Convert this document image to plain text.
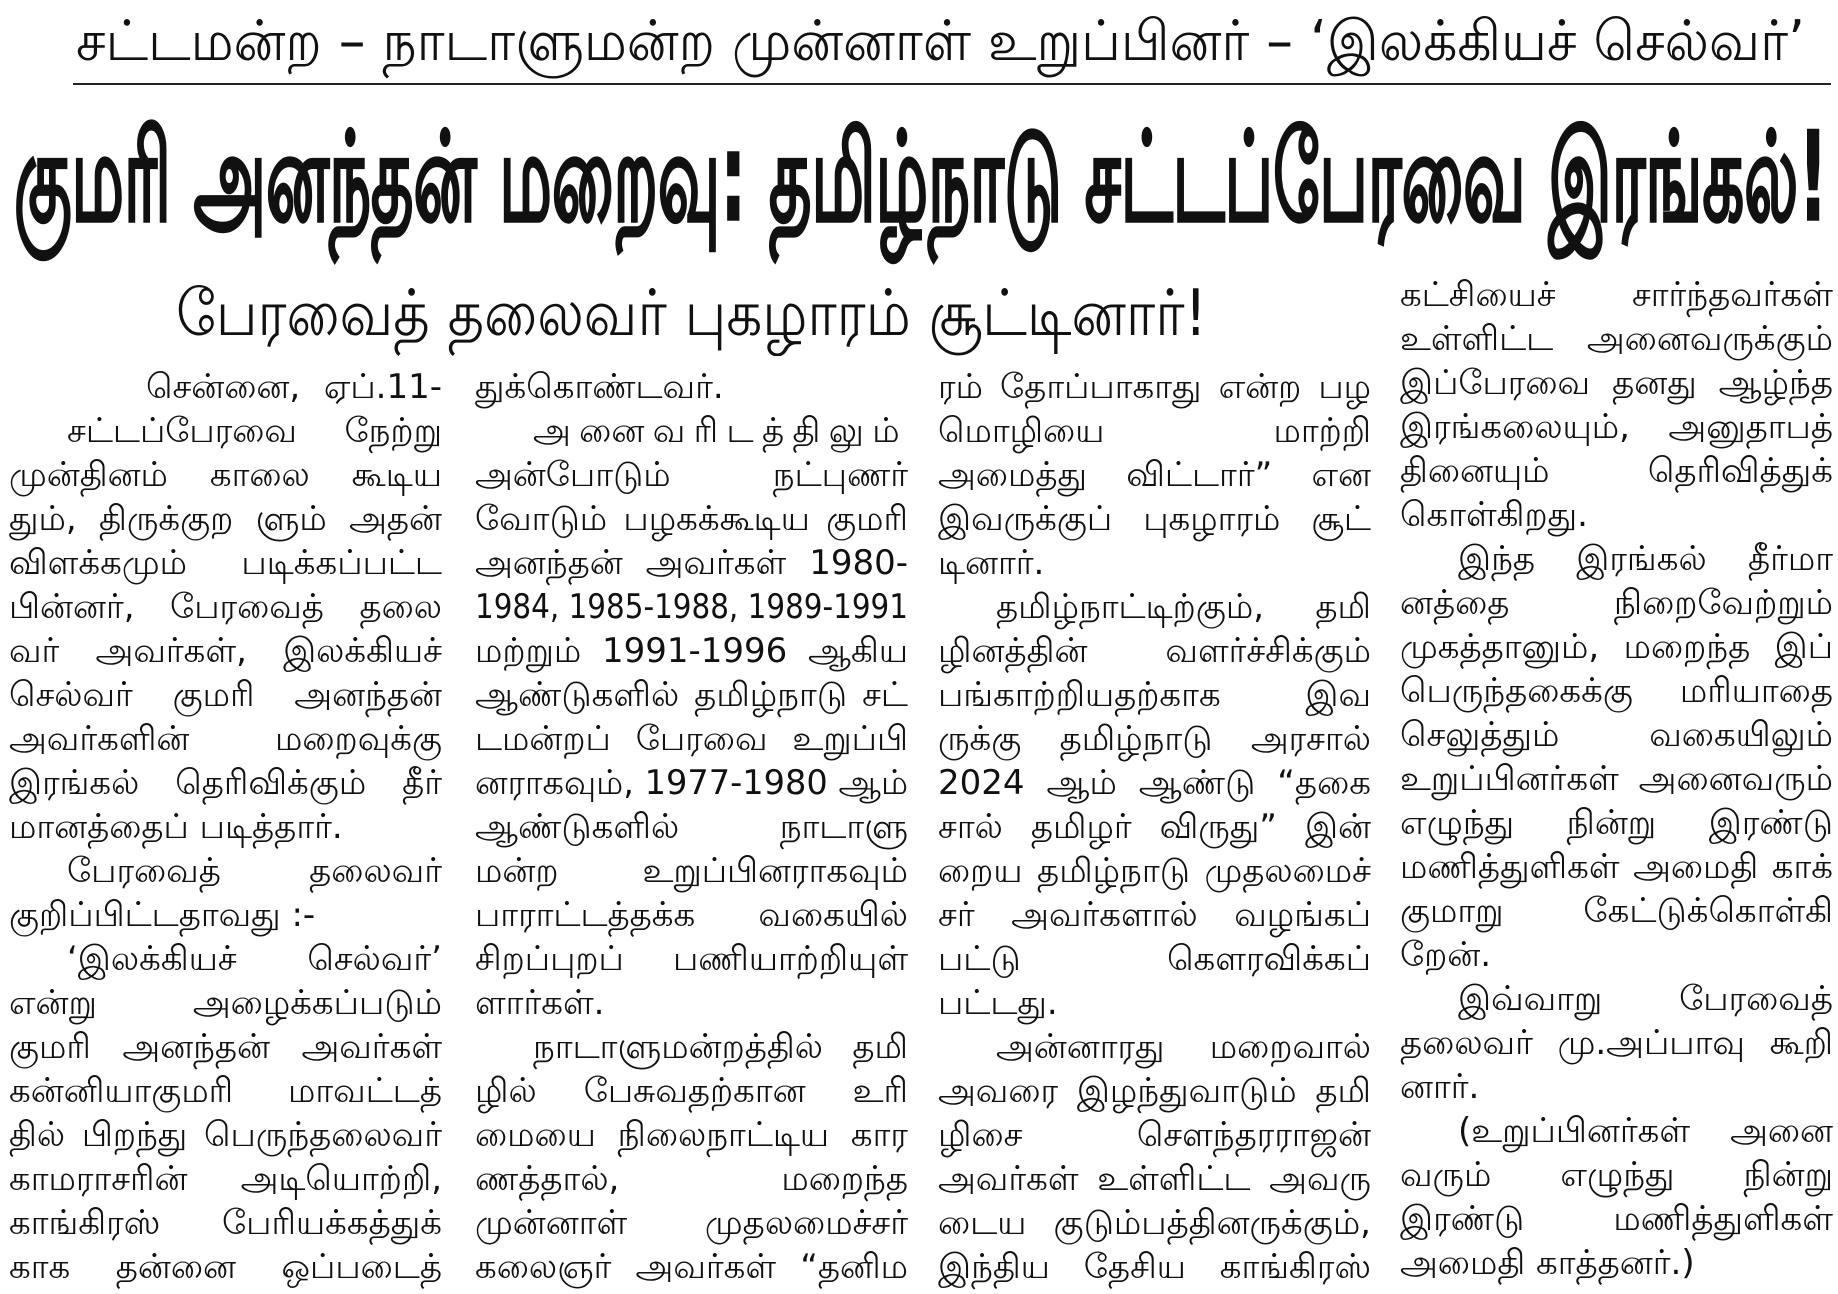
சட்டமன்ற – நாடாளுமன்ற முன்னாள் உறுப்பினர் – ‘இலக்கியச் செல்வர்’
குமரி அனந்தன் மறைவு: தமிழ்நாடு சட்டப்பேரவை இரங்கல்!
பேரவைத் தலைவர் புகழாரம் சூட்டினார்!
சென்னை, ஏப்.11-
சட்டப்பேரவை நேற்று
முன்தினம் காலை கூடிய
தும், திருக்குற ளும் அதன்
விளக்கமும் படிக்கப்பட்ட
பின்னர், பேரவைத் தலை
வர் அவர்கள், இலக்கியச்
செல்வர் குமரி அனந்தன்
அவர்களின் மறைவுக்கு
இரங்கல் தெரிவிக்கும் தீர்
மானத்தைப் படித்தார்.
பேரவைத் தலைவர்
குறிப்பிட்டதாவது :-
‘இலக்கியச் செல்வர்’
என்று அழைக்கப்படும்
குமரி அனந்தன் அவர்கள்
கன்னியாகுமரி மாவட்டத்
தில் பிறந்து பெருந்தலைவர்
காமராசரின் அடியொற்றி,
காங்கிரஸ் பேரியக்கத்துக்
காக தன்னை ஒப்படைத்
துக்கொண்டவர்.
அனைவரிடத்திலும்
அன்போடும் நட்புணர்
வோடும் பழகக்கூடிய குமரி
அனந்தன் அவர்கள் 1980-
1984, 1985-1988, 1989-1991
மற்றும் 1991-1996 ஆகிய
ஆண்டுகளில் தமிழ்நாடு சட்
டமன்றப் பேரவை உறுப்பி
னராகவும், 1977-1980 ஆம்
ஆண்டுகளில் நாடாளு
மன்ற உறுப்பினராகவும்
பாராட்டத்தக்க வகையில்
சிறப்புறப் பணியாற்றியுள்
ளார்கள்.
நாடாளுமன்றத்தில் தமி
ழில் பேசுவதற்கான உரி
மையை நிலைநாட்டிய கார
ணத்தால், மறைந்த
முன்னாள் முதலமைச்சர்
கலைஞர் அவர்கள் “தனிம
ரம் தோப்பாகாது என்ற பழ
மொழியை மாற்றி
அமைத்து விட்டார்” என
இவருக்குப் புகழாரம் சூட்
டினார்.
தமிழ்நாட்டிற்கும், தமி
ழினத்தின் வளர்ச்சிக்கும்
பங்காற்றியதற்காக இவ
ருக்கு தமிழ்நாடு அரசால்
2024 ஆம் ஆண்டு “தகை
சால் தமிழர் விருது” இன்
றைய தமிழ்நாடு முதலமைச்
சர் அவர்களால் வழங்கப்
பட்டு கௌரவிக்கப்
பட்டது.
அன்னாரது மறைவால்
அவரை இழந்துவாடும் தமி
ழிசை சௌந்தரராஜன்
அவர்கள் உள்ளிட்ட அவரு
டைய குடும்பத்தினருக்கும்,
இந்திய தேசிய காங்கிரஸ்
கட்சியைச் சார்ந்தவர்கள்
உள்ளிட்ட அனைவருக்கும்
இப்பேரவை தனது ஆழ்ந்த
இரங்கலையும், அனுதாபத்
தினையும் தெரிவித்துக்
கொள்கிறது.
இந்த இரங்கல் தீர்மா
னத்தை நிறைவேற்றும்
முகத்தானும், மறைந்த இப்
பெருந்தகைக்கு மரியாதை
செலுத்தும் வகையிலும்
உறுப்பினர்கள் அனைவரும்
எழுந்து நின்று இரண்டு
மணித்துளிகள் அமைதி காக்
குமாறு கேட்டுக்கொள்கி
றேன்.
இவ்வாறு பேரவைத்
தலைவர் மு.அப்பாவு கூறி
னார்.
(உறுப்பினர்கள் அனை
வரும் எழுந்து நின்று
இரண்டு மணித்துளிகள்
அமைதி காத்தனர்.)
